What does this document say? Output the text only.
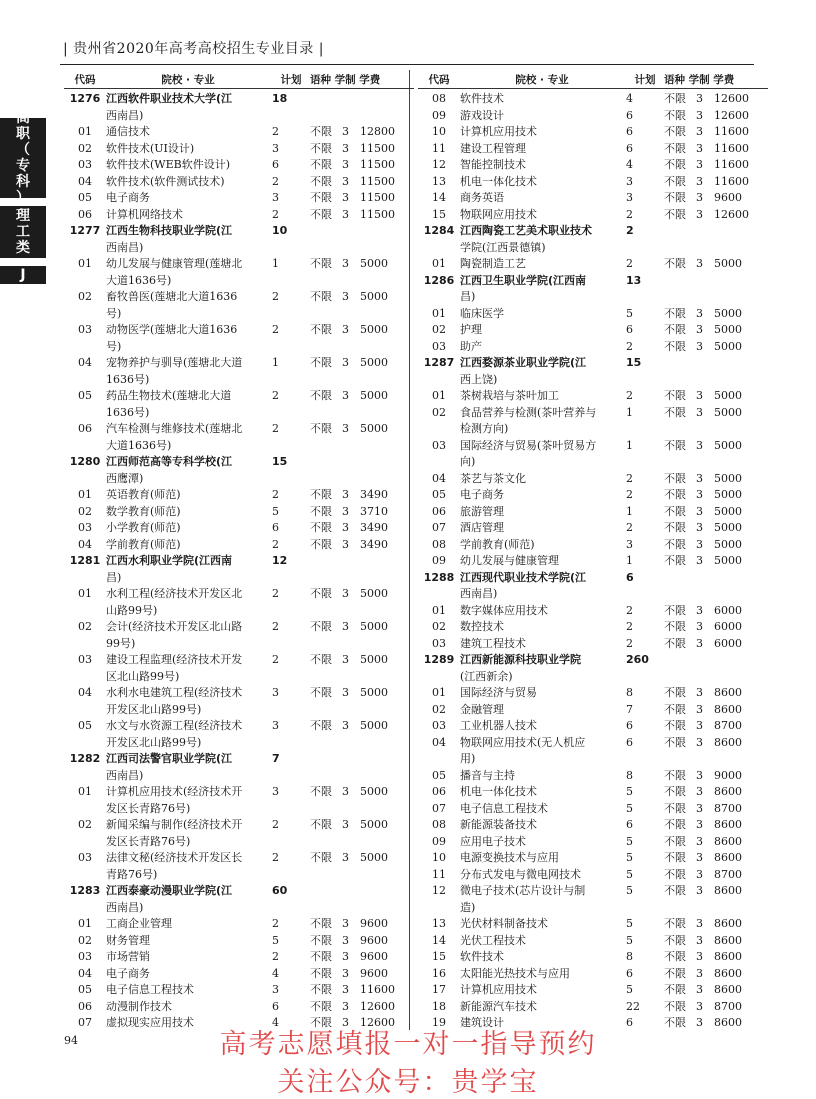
| 贵州省2020年高考高校招生专业目录 |
高
职
（
专
科
）
理
工
类
J
代码	院校 · 专业	计划 语种 学制 学费
1276 江西软件职业技术大学(江	18
西南昌)
01	通信技术	2	不限 3	12800
02	软件技术(UI设计)	3	不限 3	11500
03	软件技术(WEB软件设计)	6	不限 3	11500
04	软件技术(软件测试技术)	2	不限 3	11500
05	电子商务	3	不限 3	11500
06	计算机网络技术	2	不限 3	11500
1277 江西生物科技职业学院(江	10
西南昌)
01	幼儿发展与健康管理(莲塘北	1	不限 3	5000
大道1636号)
02	畜牧兽医(莲塘北大道1636	2	不限 3	5000
号)
03	动物医学(莲塘北大道1636	2	不限 3	5000
号)
04	宠物养护与驯导(莲塘北大道	1	不限 3	5000
1636号)
05	药品生物技术(莲塘北大道	2	不限 3	5000
1636号)
06	汽车检测与维修技术(莲塘北	2	不限 3	5000
大道1636号)
1280 江西师范高等专科学校(江	15
西鹰潭)
01	英语教育(师范)	2	不限 3	3490
02	数学教育(师范)	5	不限 3	3710
03	小学教育(师范)	6	不限 3	3490
04	学前教育(师范)	2	不限 3	3490
1281 江西水利职业学院(江西南	12
昌)
01	水利工程(经济技术开发区北	2	不限 3	5000
山路99号)
02	会计(经济技术开发区北山路	2	不限 3	5000
99号)
03	建设工程监理(经济技术开发	2	不限 3	5000
区北山路99号)
04	水利水电建筑工程(经济技术	3	不限 3	5000
开发区北山路99号)
05	水文与水资源工程(经济技术	3	不限 3	5000
开发区北山路99号)
1282 江西司法警官职业学院(江	7
西南昌)
01	计算机应用技术(经济技术开	3	不限 3	5000
发区长青路76号)
02	新闻采编与制作(经济技术开	2	不限 3	5000
发区长青路76号)
03	法律文秘(经济技术开发区长	2	不限 3	5000
青路76号)
1283 江西泰豪动漫职业学院(江	60
西南昌)
01	工商企业管理	2	不限 3	9600
02	财务管理	5	不限 3	9600
03	市场营销	2	不限 3	9600
04	电子商务	4	不限 3	9600
05	电子信息工程技术	3	不限 3	11600
06	动漫制作技术	6	不限 3	12600
07	虚拟现实应用技术	4	不限 3	12600
代码	院校 · 专业	计划 语种 学制 学费
08	软件技术	4	不限 3	12600
09	游戏设计	6	不限 3	12600
10	计算机应用技术	6	不限 3	11600
11	建设工程管理	6	不限 3	11600
12	智能控制技术	4	不限 3	11600
13	机电一体化技术	3	不限 3	11600
14	商务英语	3	不限 3	9600
15	物联网应用技术	2	不限 3	12600
1284 江西陶瓷工艺美术职业技术	2
学院(江西景德镇)
01	陶瓷制造工艺	2	不限 3	5000
1286 江西卫生职业学院(江西南	13
昌)
01	临床医学	5	不限 3	5000
02	护理	6	不限 3	5000
03	助产	2	不限 3	5000
1287 江西婺源茶业职业学院(江	15
西上饶)
01	茶树栽培与茶叶加工	2	不限 3	5000
02	食品营养与检测(茶叶营养与	1	不限 3	5000
检测方向)
03	国际经济与贸易(茶叶贸易方	1	不限 3	5000
向)
04	茶艺与茶文化	2	不限 3	5000
05	电子商务	2	不限 3	5000
06	旅游管理	1	不限 3	5000
07	酒店管理	2	不限 3	5000
08	学前教育(师范)	3	不限 3	5000
09	幼儿发展与健康管理	1	不限 3	5000
1288 江西现代职业技术学院(江	6
西南昌)
01	数字媒体应用技术	2	不限 3	6000
02	数控技术	2	不限 3	6000
03	建筑工程技术	2	不限 3	6000
1289 江西新能源科技职业学院	260
(江西新余)
01	国际经济与贸易	8	不限 3	8600
02	金融管理	7	不限 3	8600
03	工业机器人技术	6	不限 3	8700
04	物联网应用技术(无人机应	6	不限 3	8600
用)
05	播音与主持	8	不限 3	9000
06	机电一体化技术	5	不限 3	8600
07	电子信息工程技术	5	不限 3	8700
08	新能源装备技术	6	不限 3	8600
09	应用电子技术	5	不限 3	8600
10	电源变换技术与应用	5	不限 3	8600
11	分布式发电与微电网技术	5	不限 3	8700
12	微电子技术(芯片设计与制	5	不限 3	8600
造)
13	光伏材料制备技术	5	不限 3	8600
14	光伏工程技术	5	不限 3	8600
15	软件技术	8	不限 3	8600
16	太阳能光热技术与应用	6	不限 3	8600
17	计算机应用技术	5	不限 3	8600
18	新能源汽车技术	22	不限 3	8700
19	建筑设计	6	不限 3	8600
94	高考志愿填报一对一指导预约
关注公众号：贵学宝
